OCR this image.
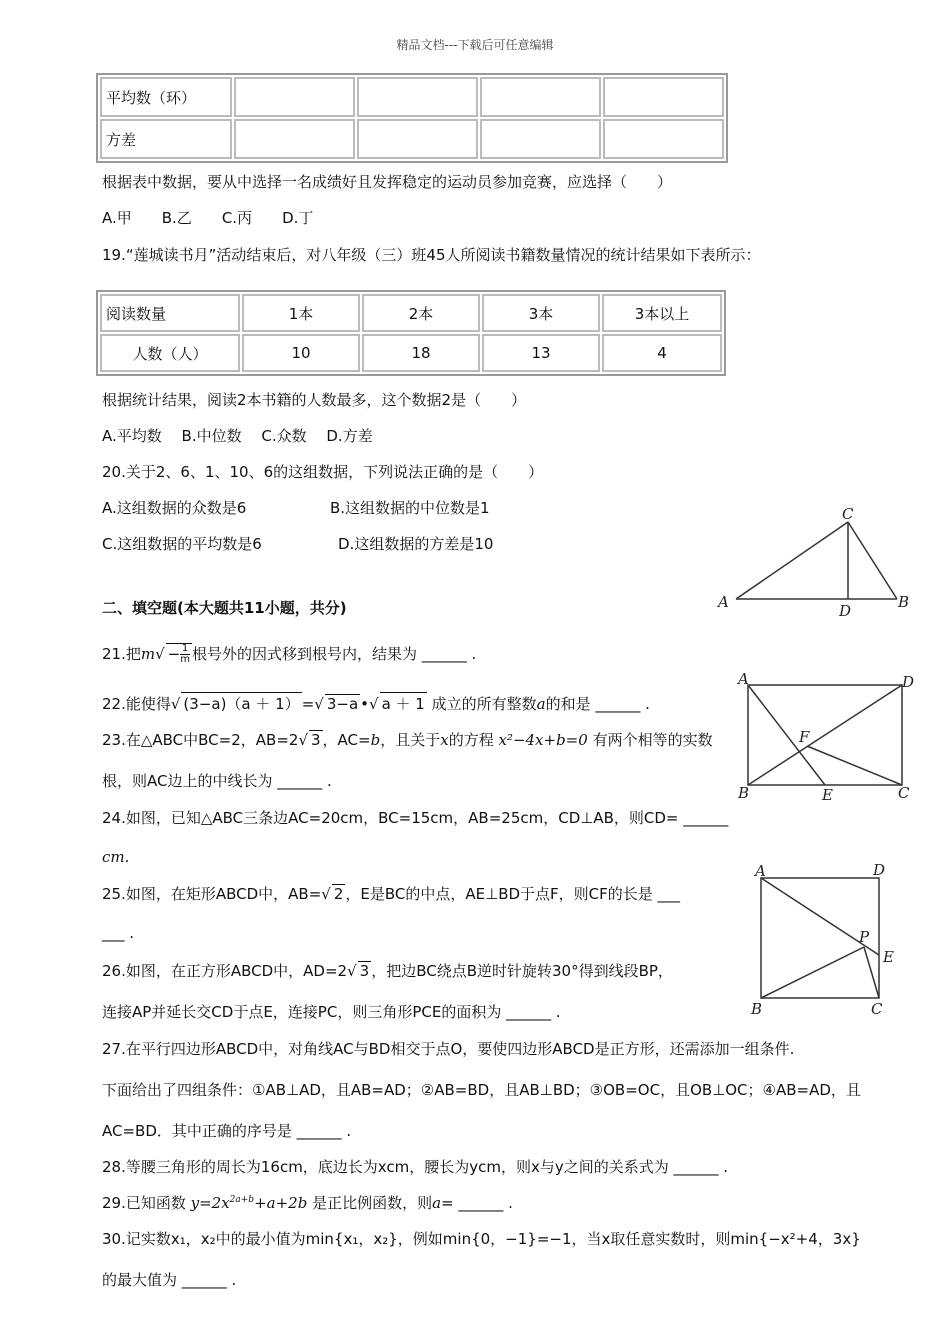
精品文档---下载后可任意编辑
平均数（环）				
方差				
根据表中数据，要从中选择一名成绩好且发挥稳定的运动员参加竞赛，应选择（　　）
A.甲　　B.乙　　C.丙　　D.丁
19.“莲城读书月”活动结束后，对八年级（三）班45人所阅读书籍数量情况的统计结果如下表所示：
阅读数量	1本	2本	3本	3本以上
人数（人）	10	18	13	4
根据统计结果，阅读2本书籍的人数最多，这个数据2是（　　）
A.平均数　 B.中位数　 C.众数　 D.方差
20.关于2、6、1、10、6的这组数据，下列说法正确的是（　　）
A.这组数据的众数是6	B.这组数据的中位数是1
C.这组数据的平均数是6	D.这组数据的方差是10
二、填空题(本大题共11小题，共分)
21.把$m√ - \frac{1}{m}$ 根号外的因式移到根号内，结果为 ______ .
22.能使得√ (3−a)（a ＋ 1） =√ 3−a •√ a ＋ 1 成立的所有整数a的和是 ______ .
23.在△ABC中BC=2，AB=2√ 3 ，AC=b，且关于x的方程 x²−4x+b=0 有两个相等的实数
根，则AC边上的中线长为 ______ .
24.如图，已知△ABC三条边AC=20cm，BC=15cm，AB=25cm，CD⊥AB，则CD= ______
cm.
25.如图，在矩形ABCD中，AB=√ 2 ，E是BC的中点，AE⊥BD于点F，则CF的长是 ___
___ .
26.如图，在正方形ABCD中，AD=2√ 3 ，把边BC绕点B逆时针旋转30°得到线段BP，
连接AP并延长交CD于点E，连接PC，则三角形PCE的面积为 ______ .
27.在平行四边形ABCD中，对角线AC与BD相交于点O，要使四边形ABCD是正方形，还需添加一组条件.
下面给出了四组条件：①AB⊥AD，且AB=AD；②AB=BD，且AB⊥BD；③OB=OC，且OB⊥OC；④AB=AD，且
AC=BD．其中正确的序号是 ______ .
28.等腰三角形的周长为16cm，底边长为xcm，腰长为ycm，则x与y之间的关系式为 ______ .
29.已知函数 $y=2x^{2a+b}+a+2b$ 是正比例函数，则a= ______ .
30.记实数x₁，x₂中的最小值为min{x₁，x₂}，例如min{0，−1}=−1，当x取任意实数时，则min{−x²+4，3x}
的最大值为 ______ .
A	B
C
D
A	D
F
B	E	C
A	D
P
E
B	C
